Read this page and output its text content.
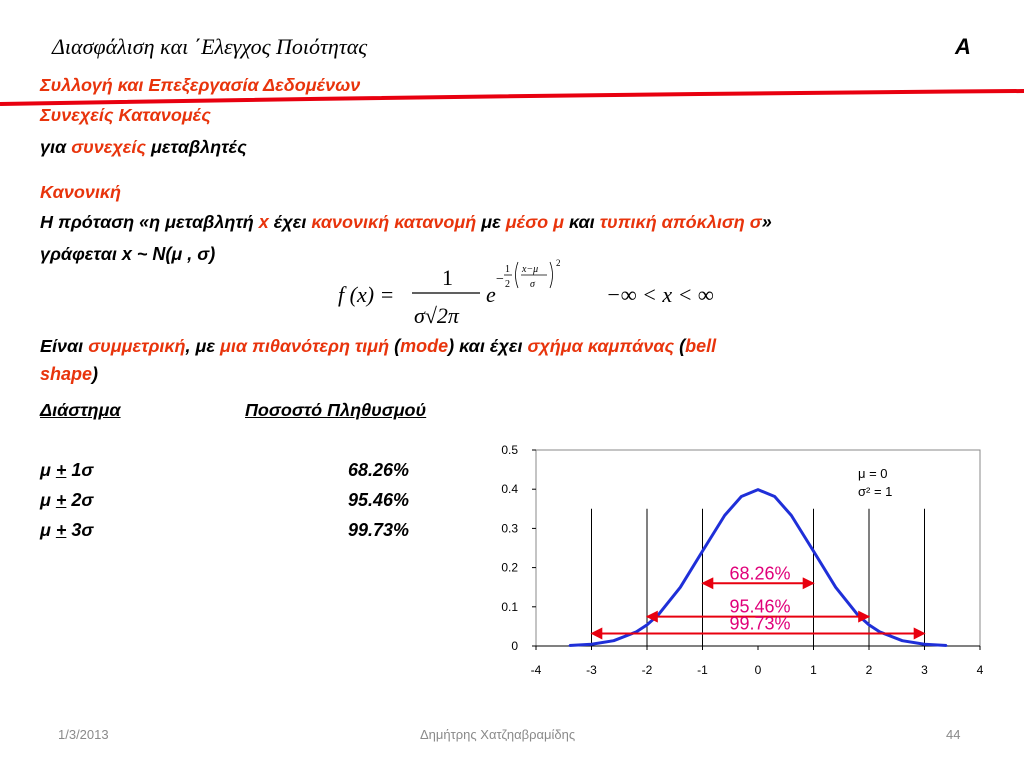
Διασφάλιση και ΄Ελεγχος Ποιότητας	Α
Συλλογή και Επεξεργασία Δεδομένων
Συνεχείς Κατανομές
για συνεχείς μεταβλητές
Κανονική
Η πρόταση «η μεταβλητή x έχει κανονική κατανομή με μέσο μ και τυπική απόκλιση σ»
γράφεται x ~ N(μ , σ)
f (x) =
1
σ√2π
e
−
1
2
x−μ
σ
2
−∞ < x < ∞
Είναι συμμετρική, με μια πιθανότερη τιμή (mode) και έχει σχήμα καμπάνας (bell
shape)
Διάστημα	Ποσοστό Πληθυσμού
μ + 1σ	68.26%
μ + 2σ	95.46%
μ + 3σ	99.73%
-4	-3	-2	-1	0	1	2	3	4
0
0.1
0.2
0.3
0.4
0.5
68.26%
95.46%
99.73%
μ = 0
σ² = 1
1/3/2013	Δημήτρης Χατζηαβραμίδης	44
